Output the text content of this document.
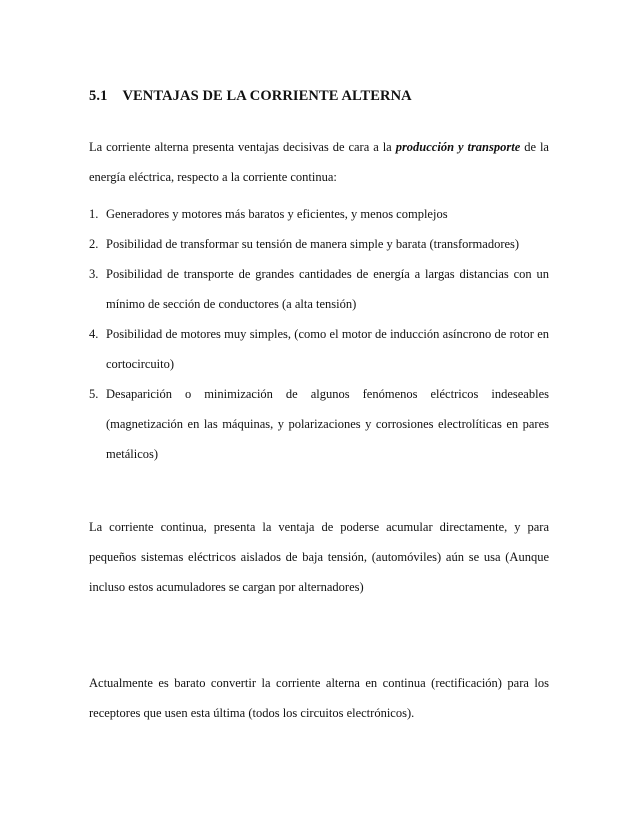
5.1 VENTAJAS DE LA CORRIENTE ALTERNA
La corriente alterna presenta ventajas decisivas de cara a la producción y transporte de la energía eléctrica, respecto a la corriente continua:
1. Generadores y motores más baratos y eficientes, y menos complejos
2. Posibilidad de transformar su tensión de manera simple y barata (transformadores)
3. Posibilidad de transporte de grandes cantidades de energía a largas distancias con un mínimo de sección de conductores (a alta tensión)
4. Posibilidad de motores muy simples, (como el motor de inducción asíncrono de rotor en cortocircuito)
5. Desaparición o minimización de algunos fenómenos eléctricos indeseables (magnetización en las máquinas, y polarizaciones y corrosiones electrolíticas en pares metálicos)
La corriente continua, presenta la ventaja de poderse acumular directamente, y para pequeños sistemas eléctricos aislados de baja tensión, (automóviles) aún se usa (Aunque incluso estos acumuladores se cargan por alternadores)
Actualmente es barato convertir la corriente alterna en continua (rectificación) para los receptores que usen esta última (todos los circuitos electrónicos).
